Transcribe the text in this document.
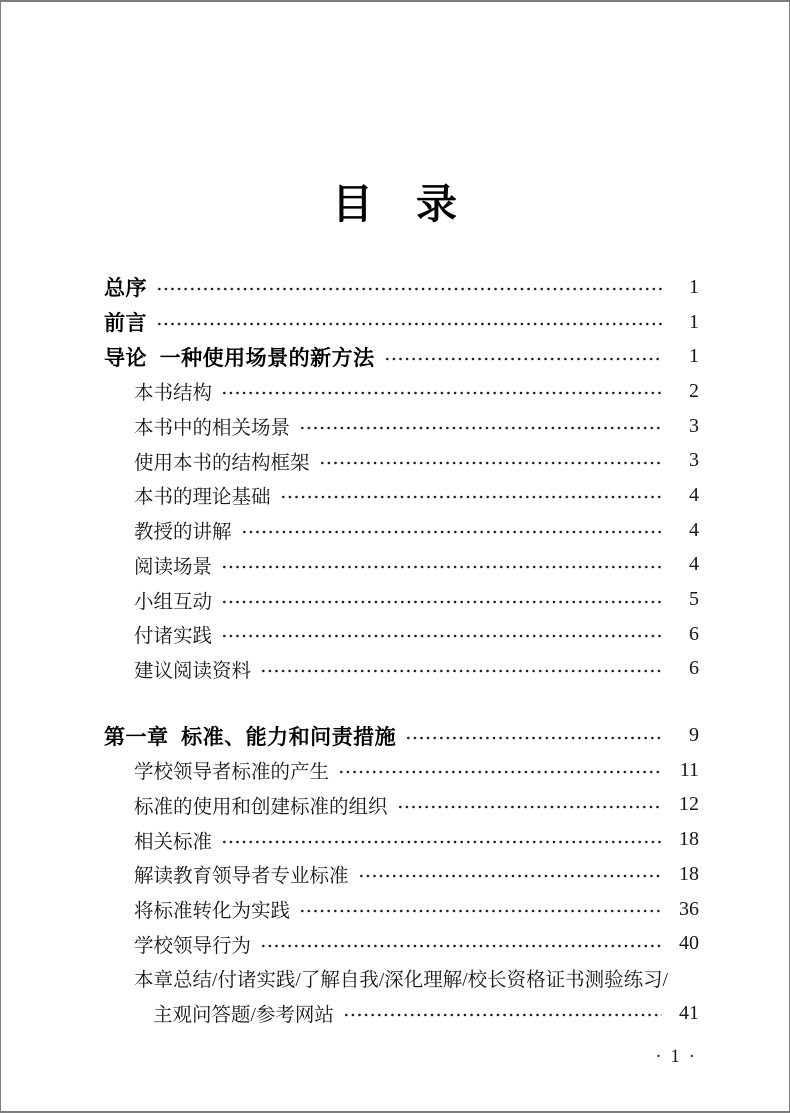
目　录
总序	1
前言	1
导论  一种使用场景的新方法	1
本书结构	2
本书中的相关场景	3
使用本书的结构框架	3
本书的理论基础	4
教授的讲解	4
阅读场景	4
小组互动	5
付诸实践	6
建议阅读资料	6
第一章  标准、能力和问责措施	9
学校领导者标准的产生	11
标准的使用和创建标准的组织	12
相关标准	18
解读教育领导者专业标准	18
将标准转化为实践	36
学校领导行为	40
本章总结/付诸实践/了解自我/深化理解/校长资格证书测验练习/
主观问答题/参考网站	41
· 1 ·
